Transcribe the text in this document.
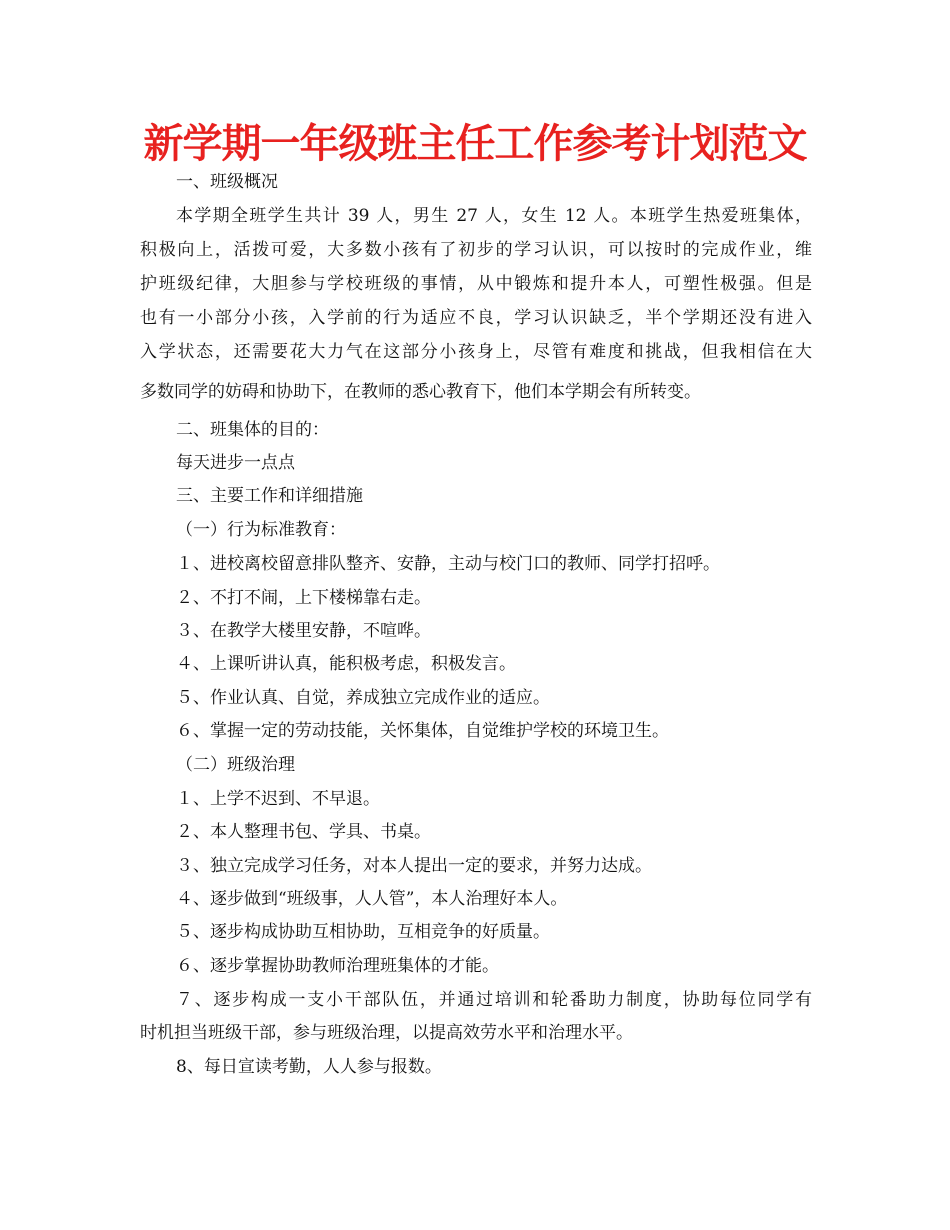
新学期一年级班主任工作参考计划范文
一、班级概况
本学期全班学生共计 39 人，男生 27 人，女生 12 人。本班学生热爱班集体，
积极向上，活拨可爱，大多数小孩有了初步的学习认识，可以按时的完成作业，维
护班级纪律，大胆参与学校班级的事情，从中锻炼和提升本人，可塑性极强。但是
也有一小部分小孩，入学前的行为适应不良，学习认识缺乏，半个学期还没有进入
入学状态，还需要花大力气在这部分小孩身上，尽管有难度和挑战，但我相信在大
多数同学的妨碍和协助下，在教师的悉心教育下，他们本学期会有所转变。
二、班集体的目的：
每天进步一点点
三、主要工作和详细措施
（一）行为标准教育：
１、进校离校留意排队整齐、安静，主动与校门口的教师、同学打招呼。
２、不打不闹，上下楼梯靠右走。
３、在教学大楼里安静，不喧哗。
４、上课听讲认真，能积极考虑，积极发言。
５、作业认真、自觉，养成独立完成作业的适应。
６、掌握一定的劳动技能，关怀集体，自觉维护学校的环境卫生。
（二）班级治理
１、上学不迟到、不早退。
２、本人整理书包、学具、书桌。
３、独立完成学习任务，对本人提出一定的要求，并努力达成。
４、逐步做到“班级事，人人管”，本人治理好本人。
５、逐步构成协助互相协助，互相竞争的好质量。
６、逐步掌握协助教师治理班集体的才能。
７、逐步构成一支小干部队伍，并通过培训和轮番助力制度，协助每位同学有
时机担当班级干部，参与班级治理，以提高效劳水平和治理水平。
8、每日宣读考勤，人人参与报数。
